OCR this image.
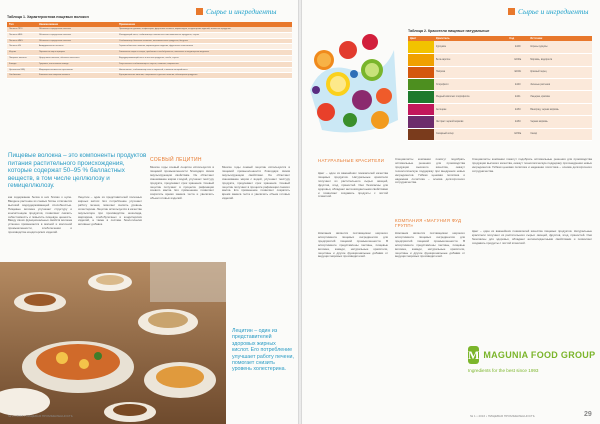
Сырье и ингредиенты
Таблица 1. Характеристика пищевых волокон
Тип	Наименование	Применение
Пектины ППО	Яблочные и цитрусовые пектины	Производство джемов, конфитюров, фруктовых начинок, мармеладов, кондитерских изделий, молочных продуктов
Пектины НВЭ	Яблочные и цитрусовые пектины	Желирующий агент, стабилизатор в молочных и кисломолочных продуктах, соусах
Пектины НМЭ	Яблочные и цитрусовые пектины	Стабилизатор белковых напитков, кисломолочных продуктов, йогуртов
Пектины НЭ	Амидированные пектины	Термостабильные начинки, мармеладные изделия, фруктовые наполнители
Инулин	Порошок из корня цикория	Заменитель жира и сахара, пребиотик в хлебобулочных, молочных и кондитерских изделиях
Пищевые волокна	Цитрусовые волокна, яблочная клетчатка	Водоудерживающий агент в мясных продуктах, хлебе, соусах
Камеди	Гуаровая, ксантановая камедь	Загустители и стабилизаторы в соусах, напитках, мороженом
Целлюлоза МКЦ	Микрокристаллическая целлюлоза	Наполнитель, стабилизатор пены и эмульсий, снижение калорийности
Синбиотики	Комплексные пищевые волокна	Функциональное питание, спортивное и детское питание, обогащение продуктов
Пищевые волокна – это компоненты продуктов питания растительного происхождения, которые содержат 50–95 % балластных веществ, в том числе целлюлозу и гемицеллюлозу.
как содержание белка в них близко к нулю. Вводное растение из соевых ботвы отличается высокой водоудерживающей способностью. Пищевые волокна улучшают структуру и консистенцию продуктов, позволяют снизить себестоимость и повысить пищевую ценность. Ввиду своих функциональных свойств волокна успешно применяются в мясной и молочной промышленности, хлебопечении и производстве кондитерских изделий.
Лецитин – один из представителей полезных жирных кислот. Его потребление улучшает работу печени, помогает снизить уровень холестерина. Лецитин используется в качестве эмульгатора при производстве шоколада, маргарина, хлебобулочных и кондитерских изделий, а также в составе биологически активных добавок.
СОЕВЫЙ ЛЕЦИТИН
Многие годы соевый лецитин используется в пищевой промышленности благодаря своим эмульгирующим свойствам. Он облегчает смешивание жиров с водой, улучшает текстуру продукта, продлевает срок хранения. Соевый лецитин получают в процессе рафинации соевого масла. Его применение позволяет сократить время замеса теста и увеличить объем готовых изделий.
Многие годы соевый лецитин используется в пищевой промышленности благодаря своим эмульгирующим свойствам. Он облегчает смешивание жиров с водой, улучшает текстуру продукта, продлевает срок хранения. Соевый лецитин получают в процессе рафинации соевого масла. Его применение позволяет сократить время замеса теста и увеличить объем готовых изделий.
Лецитин – один из представителей здоровых жирных кислот. Его потребление улучшает работу печени, помогает снизить уровень холестерина.
№ 1 • 2016 • ПИЩЕВАЯ ПРОМЫШЛЕННОСТЬ
Сырье и ингредиенты
Таблица 2. Красители пищевые натуральные
Цвет	Краситель	Код	Источник
	Куркумин	Е100	Корень куркумы
	Бета-каротин	Е160а	Морковь, водоросли
	Паприка	Е160с	Красный перец
	Хлорофилл	Е140	Зеленые растения
	Медный комплекс хлорофилла	Е141	Люцерна, крапива
	Антоциан	Е163	Виноград, черная морковь
	Экстракт черной моркови	Е163	Черная морковь
	Сахарный колер	Е150а	Сахар
НАТУРАЛЬНЫЕ КРАСИТЕЛИ
Цвет – один из важнейших показателей качества пищевых продуктов. Натуральные красители получают из растительного сырья: овощей, фруктов, ягод, пряностей. Они безопасны для здоровья, обладают антиоксидантными свойствами и позволяют создавать продукты с чистой этикеткой.
Компания является поставщиком широкого ассортимента пищевых ингредиентов для предприятий пищевой промышленности. В ассортименте представлены пектины, пищевые волокна, камеди, натуральные красители, лецитины и другие функциональные добавки от ведущих мировых производителей.
Специалисты компании помогут подобрать оптимальные решения для производства продукции высокого качества, окажут технологическую поддержку при внедрении новых ингредиентов. Гибкая ценовая политика и надежная логистика – основа долгосрочного сотрудничества.
КОМПАНИЯ «МАГУНИЯ ФУД ГРУПП»
Компания является поставщиком широкого ассортимента пищевых ингредиентов для предприятий пищевой промышленности. В ассортименте представлены пектины, пищевые волокна, камеди, натуральные красители, лецитины и другие функциональные добавки от ведущих мировых производителей.
Специалисты компании помогут подобрать оптимальные решения для производства продукции высокого качества, окажут технологическую поддержку при внедрении новых ингредиентов. Гибкая ценовая политика и надежная логистика – основа долгосрочного сотрудничества.
Цвет – один из важнейших показателей качества пищевых продуктов. Натуральные красители получают из растительного сырья: овощей, фруктов, ягод, пряностей. Они безопасны для здоровья, обладают антиоксидантными свойствами и позволяют создавать продукты с чистой этикеткой.
M MAGUNIA FOOD GROUP
Ingredients for the best since 1993
№ 1 • 2016 • ПИЩЕВАЯ ПРОМЫШЛЕННОСТЬ	29
